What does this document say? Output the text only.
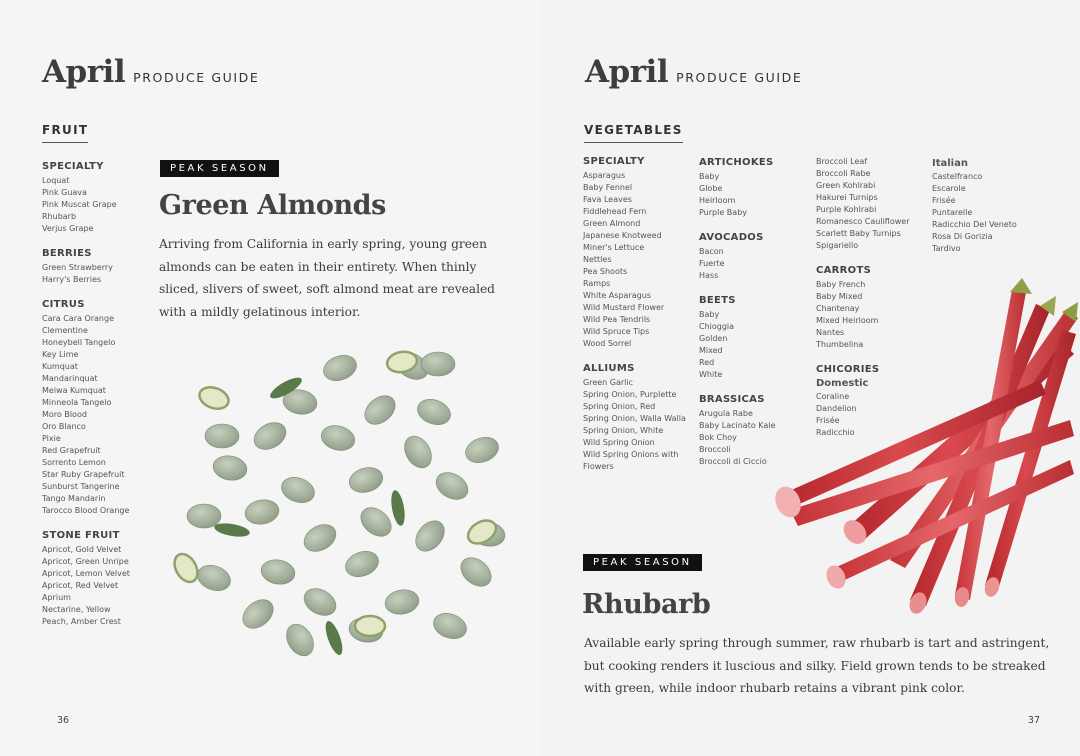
April PRODUCE GUIDE
FRUIT
SPECIALTY
Loquat
Pink Guava
Pink Muscat Grape
Rhubarb
Verjus Grape
BERRIES
Green Strawberry
Harry's Berries
CITRUS
Cara Cara Orange
Clementine
Honeybell Tangelo
Key Lime
Kumquat
Mandarinquat
Meiwa Kumquat
Minneola Tangelo
Moro Blood
Oro Blanco
Pixie
Red Grapefruit
Sorrento Lemon
Star Ruby Grapefruit
Sunburst Tangerine
Tango Mandarin
Tarocco Blood Orange
STONE FRUIT
Apricot, Gold Velvet
Apricot, Green Unripe
Apricot, Lemon Velvet
Apricot, Red Velvet
Aprium
Nectarine, Yellow
Peach, Amber Crest
PEAK SEASON
Green Almonds
Arriving from California in early spring, young green almonds can be eaten in their entirety. When thinly sliced, slivers of sweet, soft almond meat are revealed with a mildly gelatinous interior.
36
April PRODUCE GUIDE
VEGETABLES
SPECIALTY
Asparagus
Baby Fennel
Fava Leaves
Fiddlehead Fern
Green Almond
Japanese Knotweed
Miner's Lettuce
Nettles
Pea Shoots
Ramps
White Asparagus
Wild Mustard Flower
Wild Pea Tendrils
Wild Spruce Tips
Wood Sorrel
ALLIUMS
Green Garlic
Spring Onion, Purplette
Spring Onion, Red
Spring Onion, Walla Walla
Spring Onion, White
Wild Spring Onion
Wild Spring Onions with
Flowers
ARTICHOKES
Baby
Globe
Heirloom
Purple Baby
AVOCADOS
Bacon
Fuerte
Hass
BEETS
Baby
Chioggia
Golden
Mixed
Red
White
BRASSICAS
Arugula Rabe
Baby Lacinato Kale
Bok Choy
Broccoli
Broccoli di Ciccio
Broccoli Leaf
Broccoli Rabe
Green Kohlrabi
Hakurei Turnips
Purple Kohlrabi
Romanesco Cauliflower
Scarlett Baby Turnips
Spigariello
CARROTS
Baby French
Baby Mixed
Chantenay
Mixed Heirloom
Nantes
Thumbelina
CHICORIES
Domestic
Coraline
Dandelion
Frisée
Radicchio
Italian
Castelfranco
Escarole
Frisée
Puntarelle
Radicchio Del Veneto
Rosa Di Gorizia
Tardivo
PEAK SEASON
Rhubarb
Available early spring through summer, raw rhubarb is tart and astringent, but cooking renders it luscious and silky. Field grown tends to be streaked with green, while indoor rhubarb retains a vibrant pink color.
37
